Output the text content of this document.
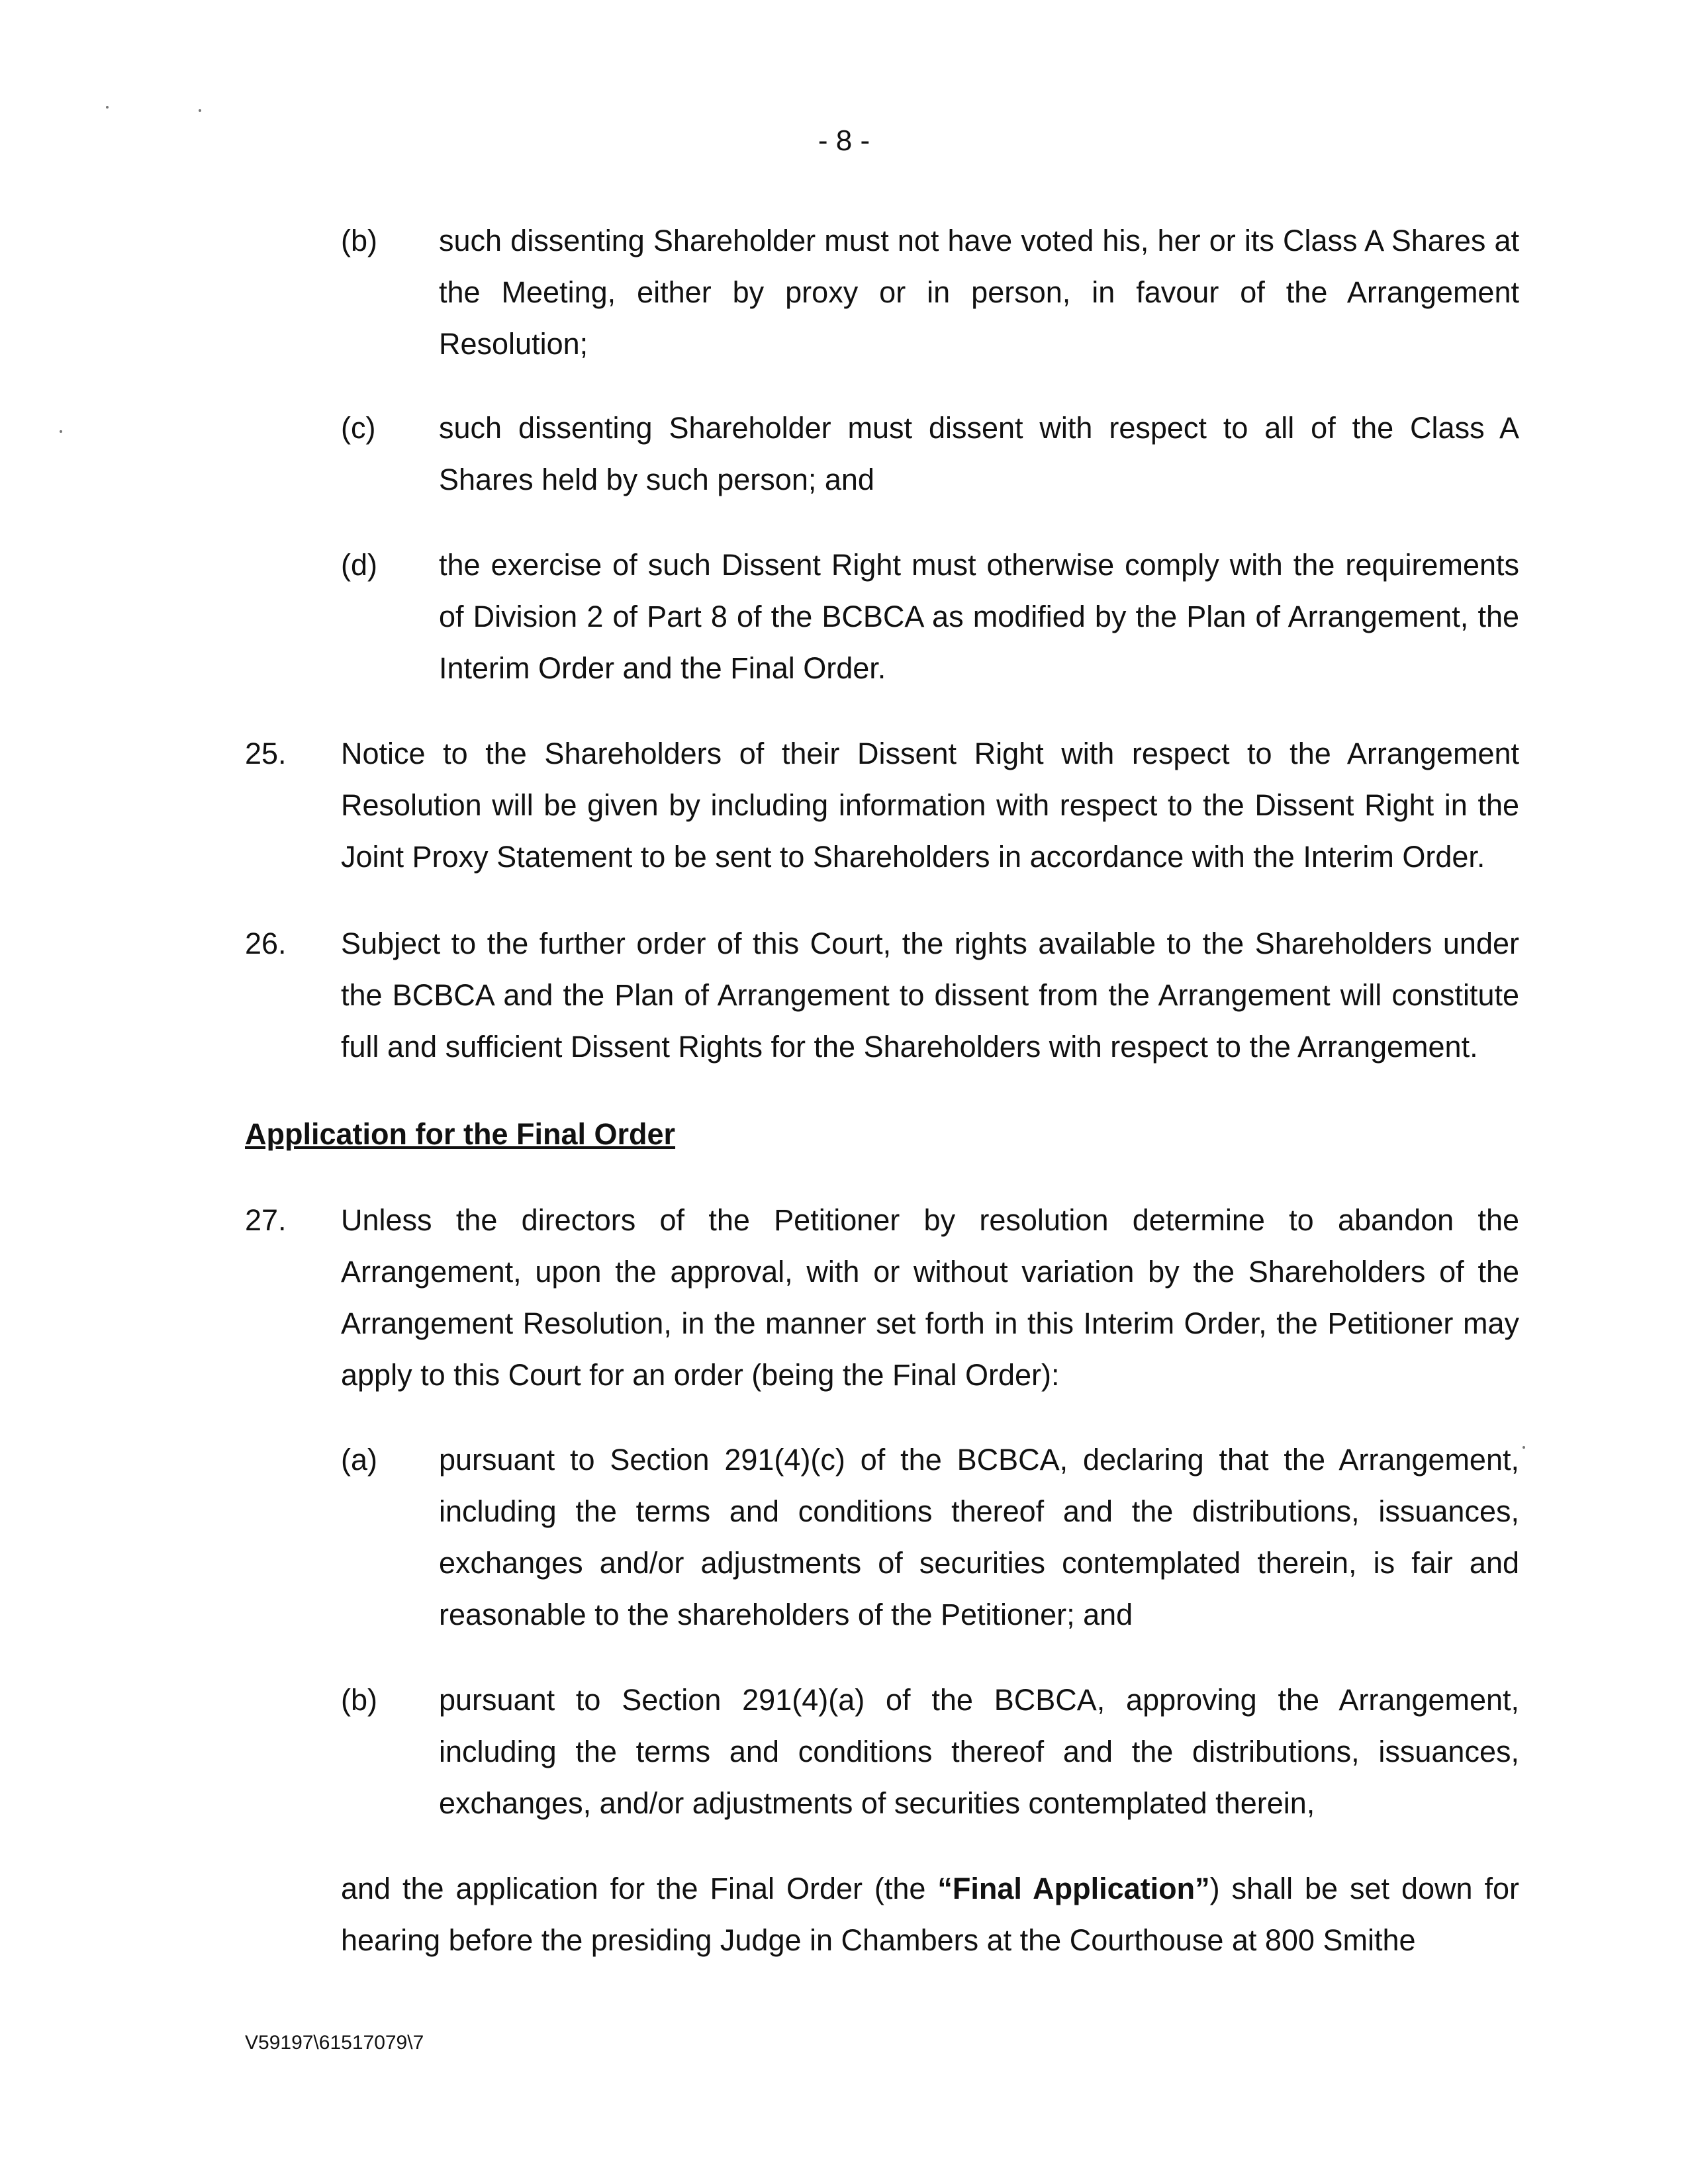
- 8 -
(b) such dissenting Shareholder must not have voted his, her or its Class A Shares at the Meeting, either by proxy or in person, in favour of the Arrangement Resolution;

(c) such dissenting Shareholder must dissent with respect to all of the Class A Shares held by such person; and

(d) the exercise of such Dissent Right must otherwise comply with the requirements of Division 2 of Part 8 of the BCBCA as modified by the Plan of Arrangement, the Interim Order and the Final Order.

25. Notice to the Shareholders of their Dissent Right with respect to the Arrangement Resolution will be given by including information with respect to the Dissent Right in the Joint Proxy Statement to be sent to Shareholders in accordance with the Interim Order.

26. Subject to the further order of this Court, the rights available to the Shareholders under the BCBCA and the Plan of Arrangement to dissent from the Arrangement will constitute full and sufficient Dissent Rights for the Shareholders with respect to the Arrangement.

Application for the Final Order
27. Unless the directors of the Petitioner by resolution determine to abandon the Arrangement, upon the approval, with or without variation by the Shareholders of the Arrangement Resolution, in the manner set forth in this Interim Order, the Petitioner may apply to this Court for an order (being the Final Order):

(a) pursuant to Section 291(4)(c) of the BCBCA, declaring that the Arrangement, including the terms and conditions thereof and the distributions, issuances, exchanges and/or adjustments of securities contemplated therein, is fair and reasonable to the shareholders of the Petitioner; and

(b) pursuant to Section 291(4)(a) of the BCBCA, approving the Arrangement, including the terms and conditions thereof and the distributions, issuances, exchanges, and/or adjustments of securities contemplated therein,

and the application for the Final Order (the “Final Application”) shall be set down for hearing before the presiding Judge in Chambers at the Courthouse at 800 Smithe

V59197\61517079\7
